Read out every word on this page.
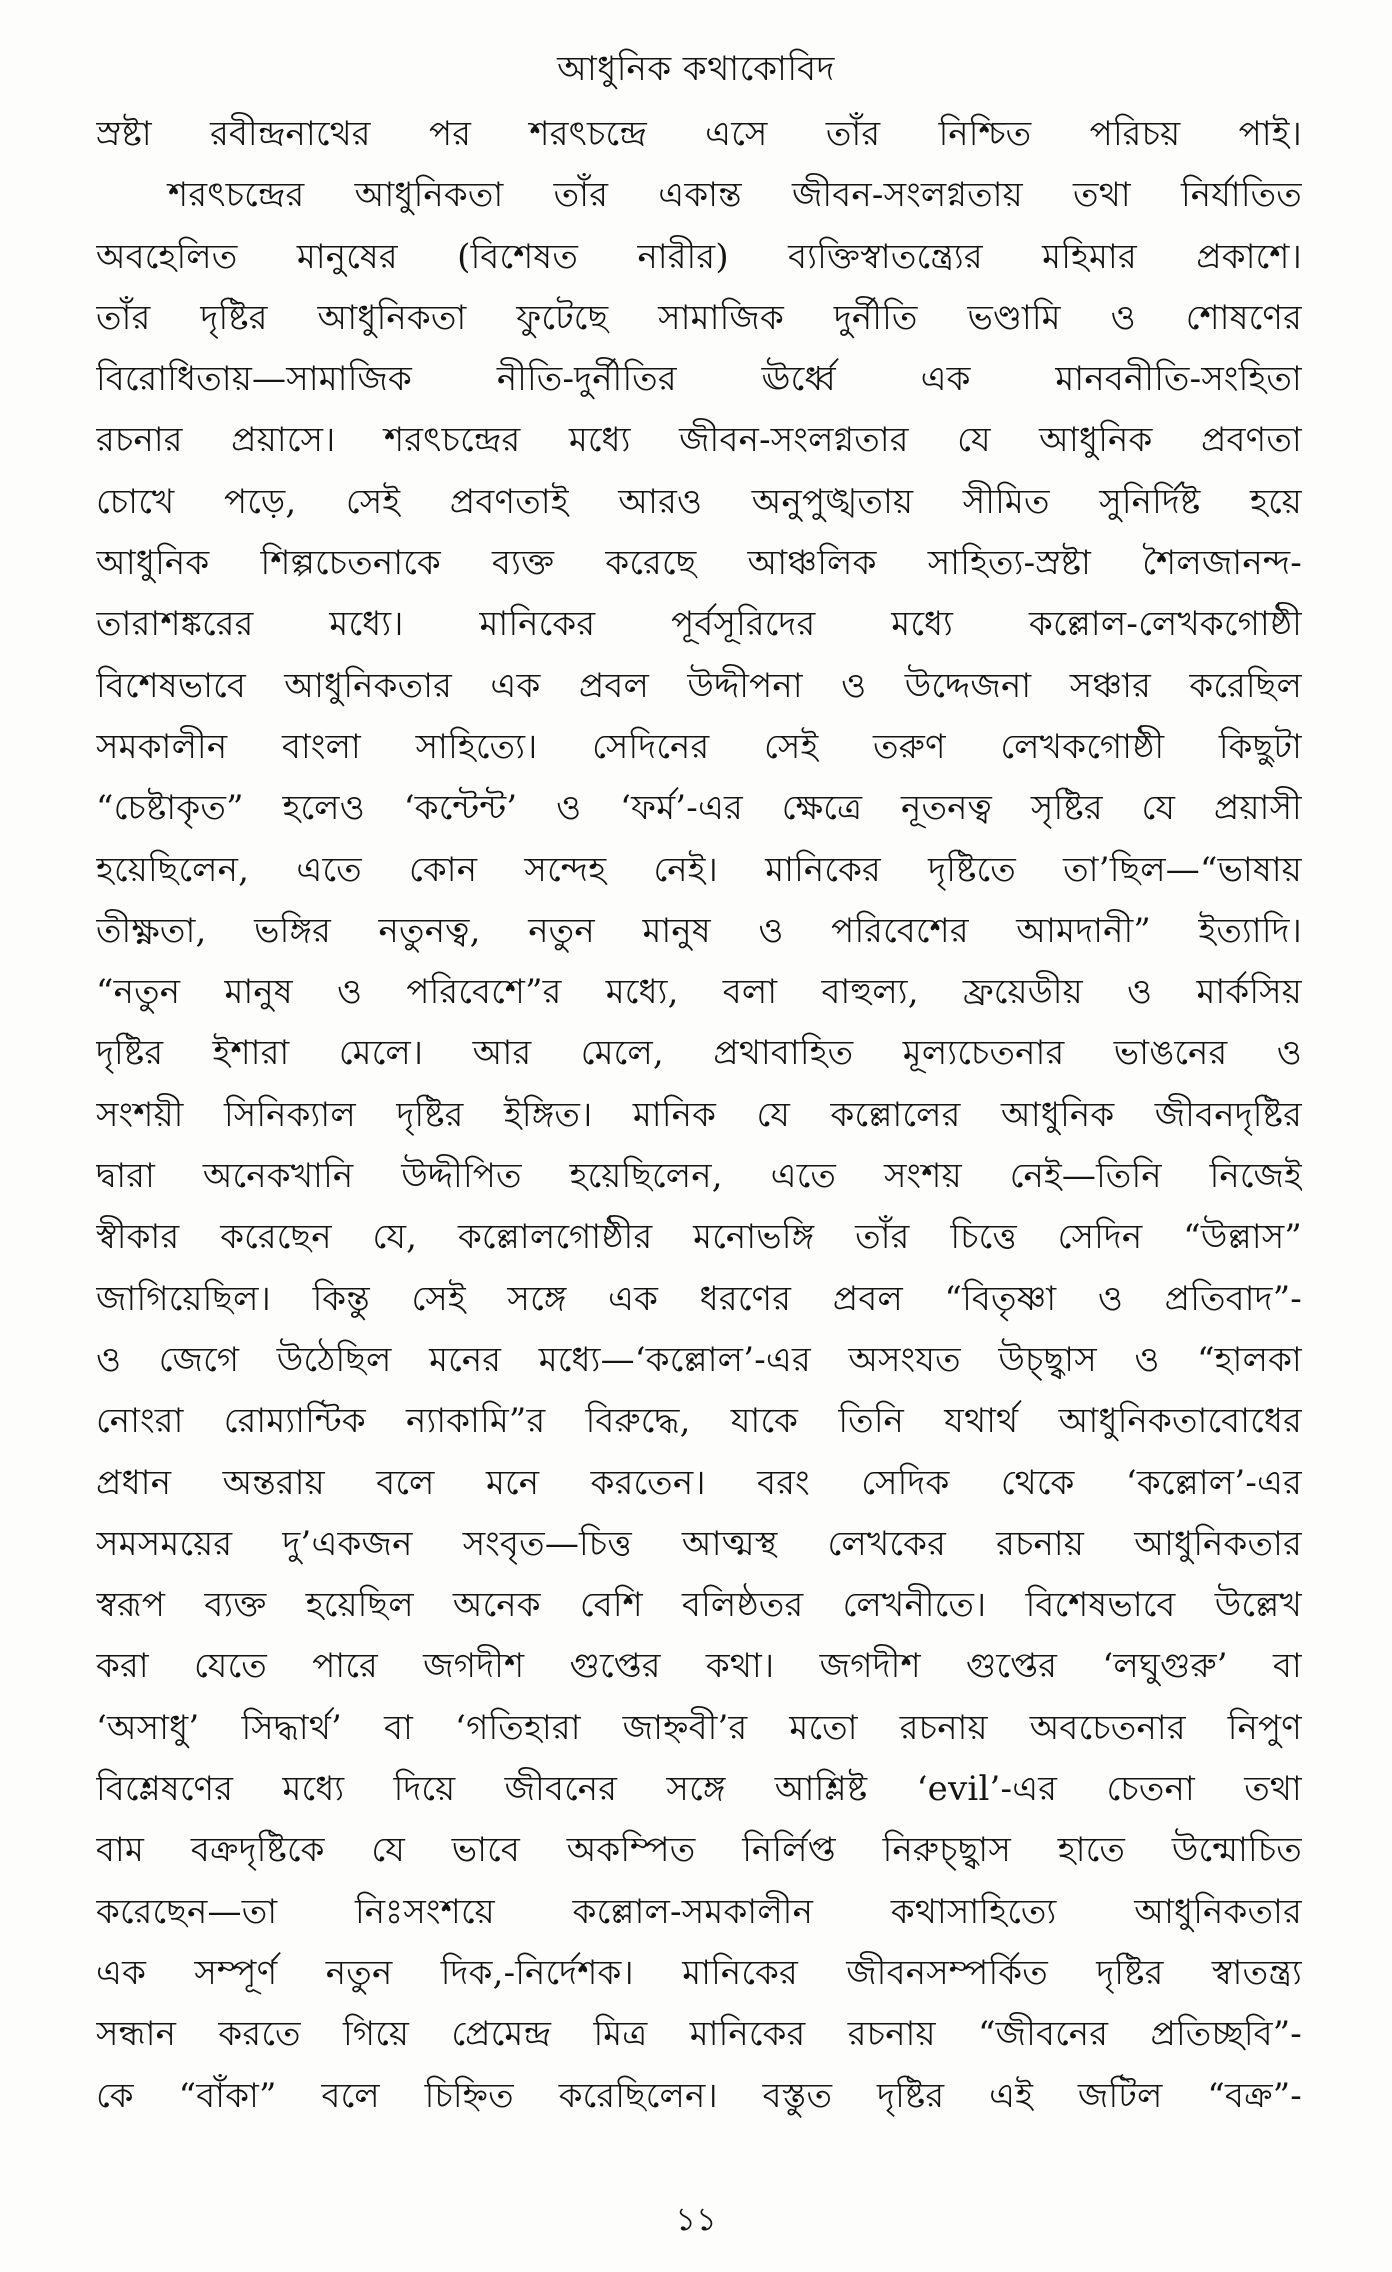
আধুনিক কথাকোবিদ
স্রষ্টা রবীন্দ্রনাথের পর শরৎচন্দ্রে এসে তাঁর নিশ্চিত পরিচয় পাই।
শরৎচন্দ্রের আধুনিকতা তাঁর একান্ত জীবন-সংলগ্নতায় তথা নির্যাতিত
অবহেলিত মানুষের (বিশেষত নারীর) ব্যক্তিস্বাতন্ত্র্যের মহিমার প্রকাশে।
তাঁর দৃষ্টির আধুনিকতা ফুটেছে সামাজিক দুর্নীতি ভণ্ডামি ও শোষণের
বিরোধিতায়—সামাজিক নীতি-দুর্নীতির ঊর্ধ্বে এক মানবনীতি-সংহিতা
রচনার প্রয়াসে। শরৎচন্দ্রের মধ্যে জীবন-সংলগ্নতার যে আধুনিক প্রবণতা
চোখে পড়ে, সেই প্রবণতাই আরও অনুপুঙ্খতায় সীমিত সুনির্দিষ্ট হয়ে
আধুনিক শিল্পচেতনাকে ব্যক্ত করেছে আঞ্চলিক সাহিত্য-স্রষ্টা শৈলজানন্দ-
তারাশঙ্করের মধ্যে। মানিকের পূর্বসূরিদের মধ্যে কল্লোল-লেখকগোষ্ঠী
বিশেষভাবে আধুনিকতার এক প্রবল উদ্দীপনা ও উদ্দেজনা সঞ্চার করেছিল
সমকালীন বাংলা সাহিত্যে। সেদিনের সেই তরুণ লেখকগোষ্ঠী কিছুটা
“চেষ্টাকৃত” হলেও ‘কন্টেন্ট’ ও ‘ফর্ম’-এর ক্ষেত্রে নূতনত্ব সৃষ্টির যে প্রয়াসী
হয়েছিলেন, এতে কোন সন্দেহ নেই। মানিকের দৃষ্টিতে তা’ছিল—“ভাষায়
তীক্ষ্ণতা, ভঙ্গির নতুনত্ব, নতুন মানুষ ও পরিবেশের আমদানী” ইত্যাদি।
“নতুন মানুষ ও পরিবেশে”র মধ্যে, বলা বাহুল্য, ফ্রয়েডীয় ও মার্কসিয়
দৃষ্টির ইশারা মেলে। আর মেলে, প্রথাবাহিত মূল্যচেতনার ভাঙনের ও
সংশয়ী সিনিক্যাল দৃষ্টির ইঙ্গিত। মানিক যে কল্লোলের আধুনিক জীবনদৃষ্টির
দ্বারা অনেকখানি উদ্দীপিত হয়েছিলেন, এতে সংশয় নেই—তিনি নিজেই
স্বীকার করেছেন যে, কল্লোলগোষ্ঠীর মনোভঙ্গি তাঁর চিত্তে সেদিন “উল্লাস”
জাগিয়েছিল। কিন্তু সেই সঙ্গে এক ধরণের প্রবল “বিতৃষ্ণা ও প্রতিবাদ”-
ও জেগে উঠেছিল মনের মধ্যে—‘কল্লোল’-এর অসংযত উচ্ছ্বাস ও “হালকা
নোংরা রোম্যান্টিক ন্যাকামি”র বিরুদ্ধে, যাকে তিনি যথার্থ আধুনিকতাবোধের
প্রধান অন্তরায় বলে মনে করতেন। বরং সেদিক থেকে ‘কল্লোল’-এর
সমসময়ের দু’একজন সংবৃত—চিত্ত আত্মস্থ লেখকের রচনায় আধুনিকতার
স্বরূপ ব্যক্ত হয়েছিল অনেক বেশি বলিষ্ঠতর লেখনীতে। বিশেষভাবে উল্লেখ
করা যেতে পারে জগদীশ গুপ্তের কথা। জগদীশ গুপ্তের ‘লঘুগুরু’ বা
‘অসাধু’ সিদ্ধার্থ’ বা ‘গতিহারা জাহ্নবী’র মতো রচনায় অবচেতনার নিপুণ
বিশ্লেষণের মধ্যে দিয়ে জীবনের সঙ্গে আশ্লিষ্ট ‘evil’-এর চেতনা তথা
বাম বক্রদৃষ্টিকে যে ভাবে অকম্পিত নির্লিপ্ত নিরুচ্ছ্বাস হাতে উন্মোচিত
করেছেন—তা নিঃসংশয়ে কল্লোল-সমকালীন কথাসাহিত্যে আধুনিকতার
এক সম্পূর্ণ নতুন দিক,-নির্দেশক। মানিকের জীবনসম্পর্কিত দৃষ্টির স্বাতন্ত্র্য
সন্ধান করতে গিয়ে প্রেমেন্দ্র মিত্র মানিকের রচনায় “জীবনের প্রতিচ্ছবি”-
কে “বাঁকা” বলে চিহ্নিত করেছিলেন। বস্তুত দৃষ্টির এই জটিল “বক্র”-
১১
